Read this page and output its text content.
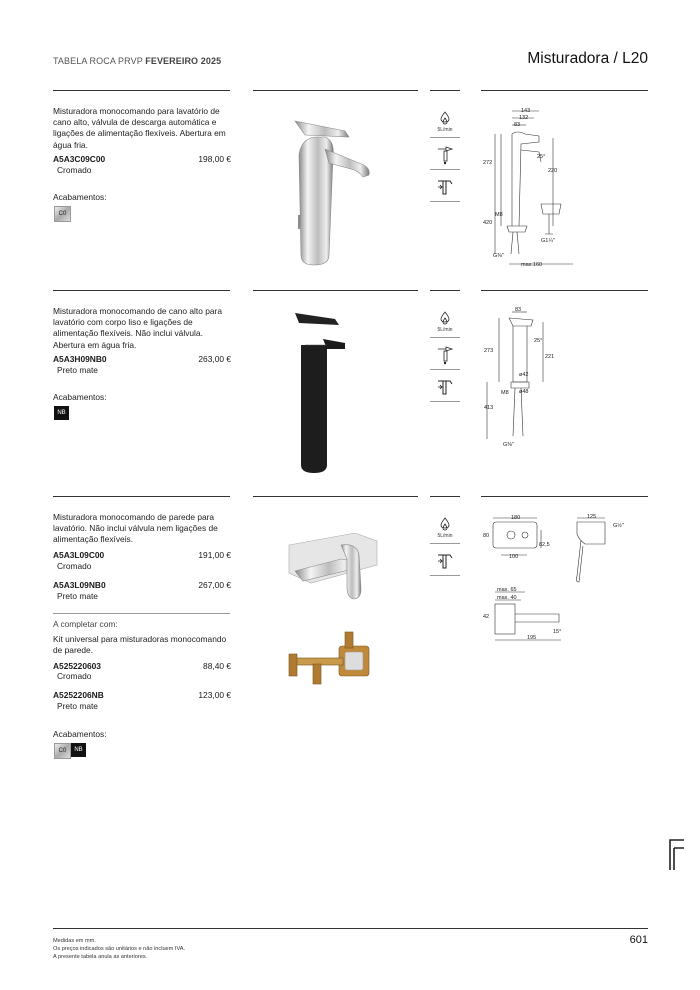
TABELA ROCA PRVP FEVEREIRO 2025	Misturadora / L20
Misturadora monocomando para lavatório de cano alto, válvula de descarga automática e ligações de alimentação flexíveis. Abertura em água fria.
A5A3C09C00	198,00 €
Cromado
Acabamentos:
C0
5L/min
143
132
83
272
25°
220
420
M8
G1¼"
G⅜"
max.160
Misturadora monocomando de cano alto para lavatório com corpo liso e ligações de alimentação flexíveis. Não inclui válvula. Abertura em água fria.
A5A3H09NB0	263,00 €
Preto mate
Acabamentos:
NB
5L/min
83
273
25°
221
ø42
M8 ø48
413
G⅜"
Misturadora monocomando de parede para lavatório. Não inclui válvula nem ligações de alimentação flexíveis.
A5A3L09C00	191,00 €
Cromado
A5A3L09NB0	267,00 €
Preto mate
A completar com:
Kit universal para misturadoras monocomando de parede.
A525220603	88,40 €
Cromado
A5252206NB	123,00 €
Preto mate
Acabamentos:
C0	NB
5L/min
180
80
100
82,5
125
G½"
max. 65
max. 40
42
195
15°
Medidas em mm.
Os preços indicados são unitários e não incluem IVA.
A presente tabela anula as anteriores.
601
